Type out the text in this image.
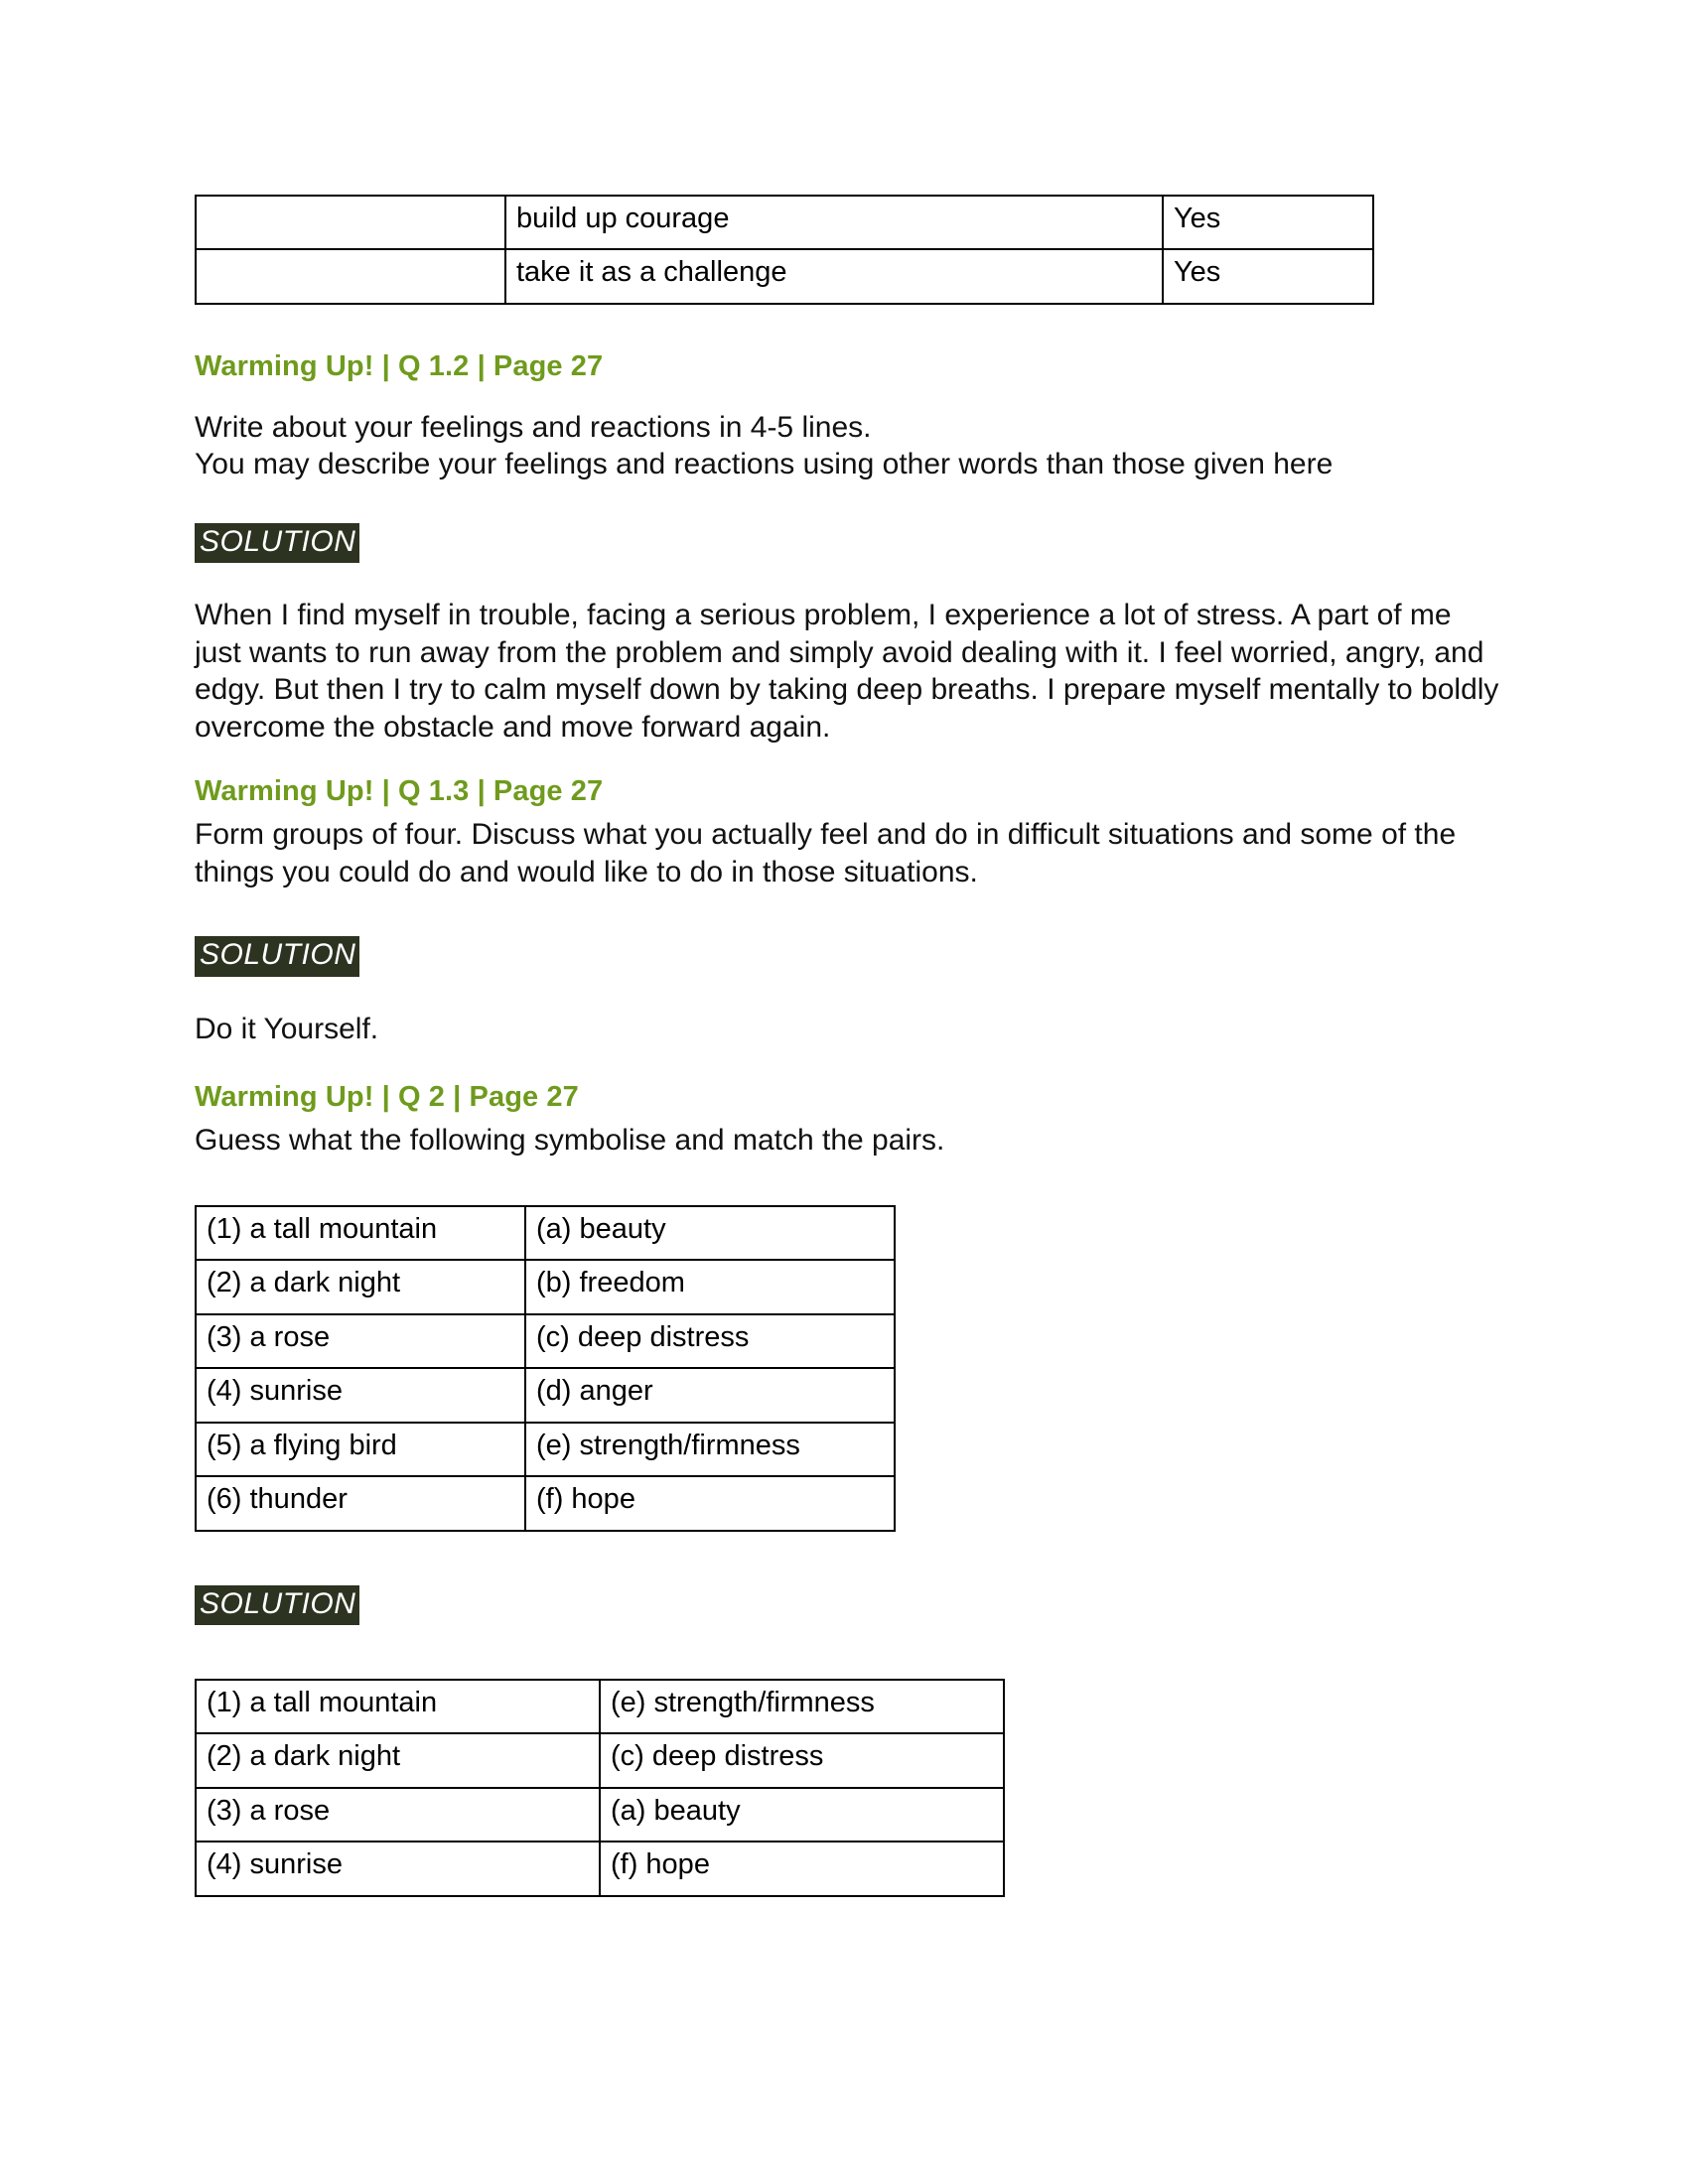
	build up courage	Yes
	take it as a challenge	Yes

Warming Up! | Q 1.2 | Page 27

Write about your feelings and reactions in 4-5 lines.

You may describe your feelings and reactions using other words than those given here

SOLUTION

When I find myself in trouble, facing a serious problem, I experience a lot of stress. A part of me just wants to run away from the problem and simply avoid dealing with it. I feel worried, angry, and edgy. But then I try to calm myself down by taking deep breaths. I prepare myself mentally to boldly overcome the obstacle and move forward again.

Warming Up! | Q 1.3 | Page 27

Form groups of four. Discuss what you actually feel and do in difficult situations and some of the things you could do and would like to do in those situations.

SOLUTION

Do it Yourself.

Warming Up! | Q 2 | Page 27

Guess what the following symbolise and match the pairs.

(1) a tall mountain	(a) beauty
(2) a dark night	(b) freedom
(3) a rose	(c) deep distress
(4) sunrise	(d) anger
(5) a flying bird	(e) strength/firmness
(6) thunder	(f) hope
SOLUTION
(1) a tall mountain	(e) strength/firmness
(2) a dark night	(c) deep distress
(3) a rose	(a) beauty
(4) sunrise	(f) hope
